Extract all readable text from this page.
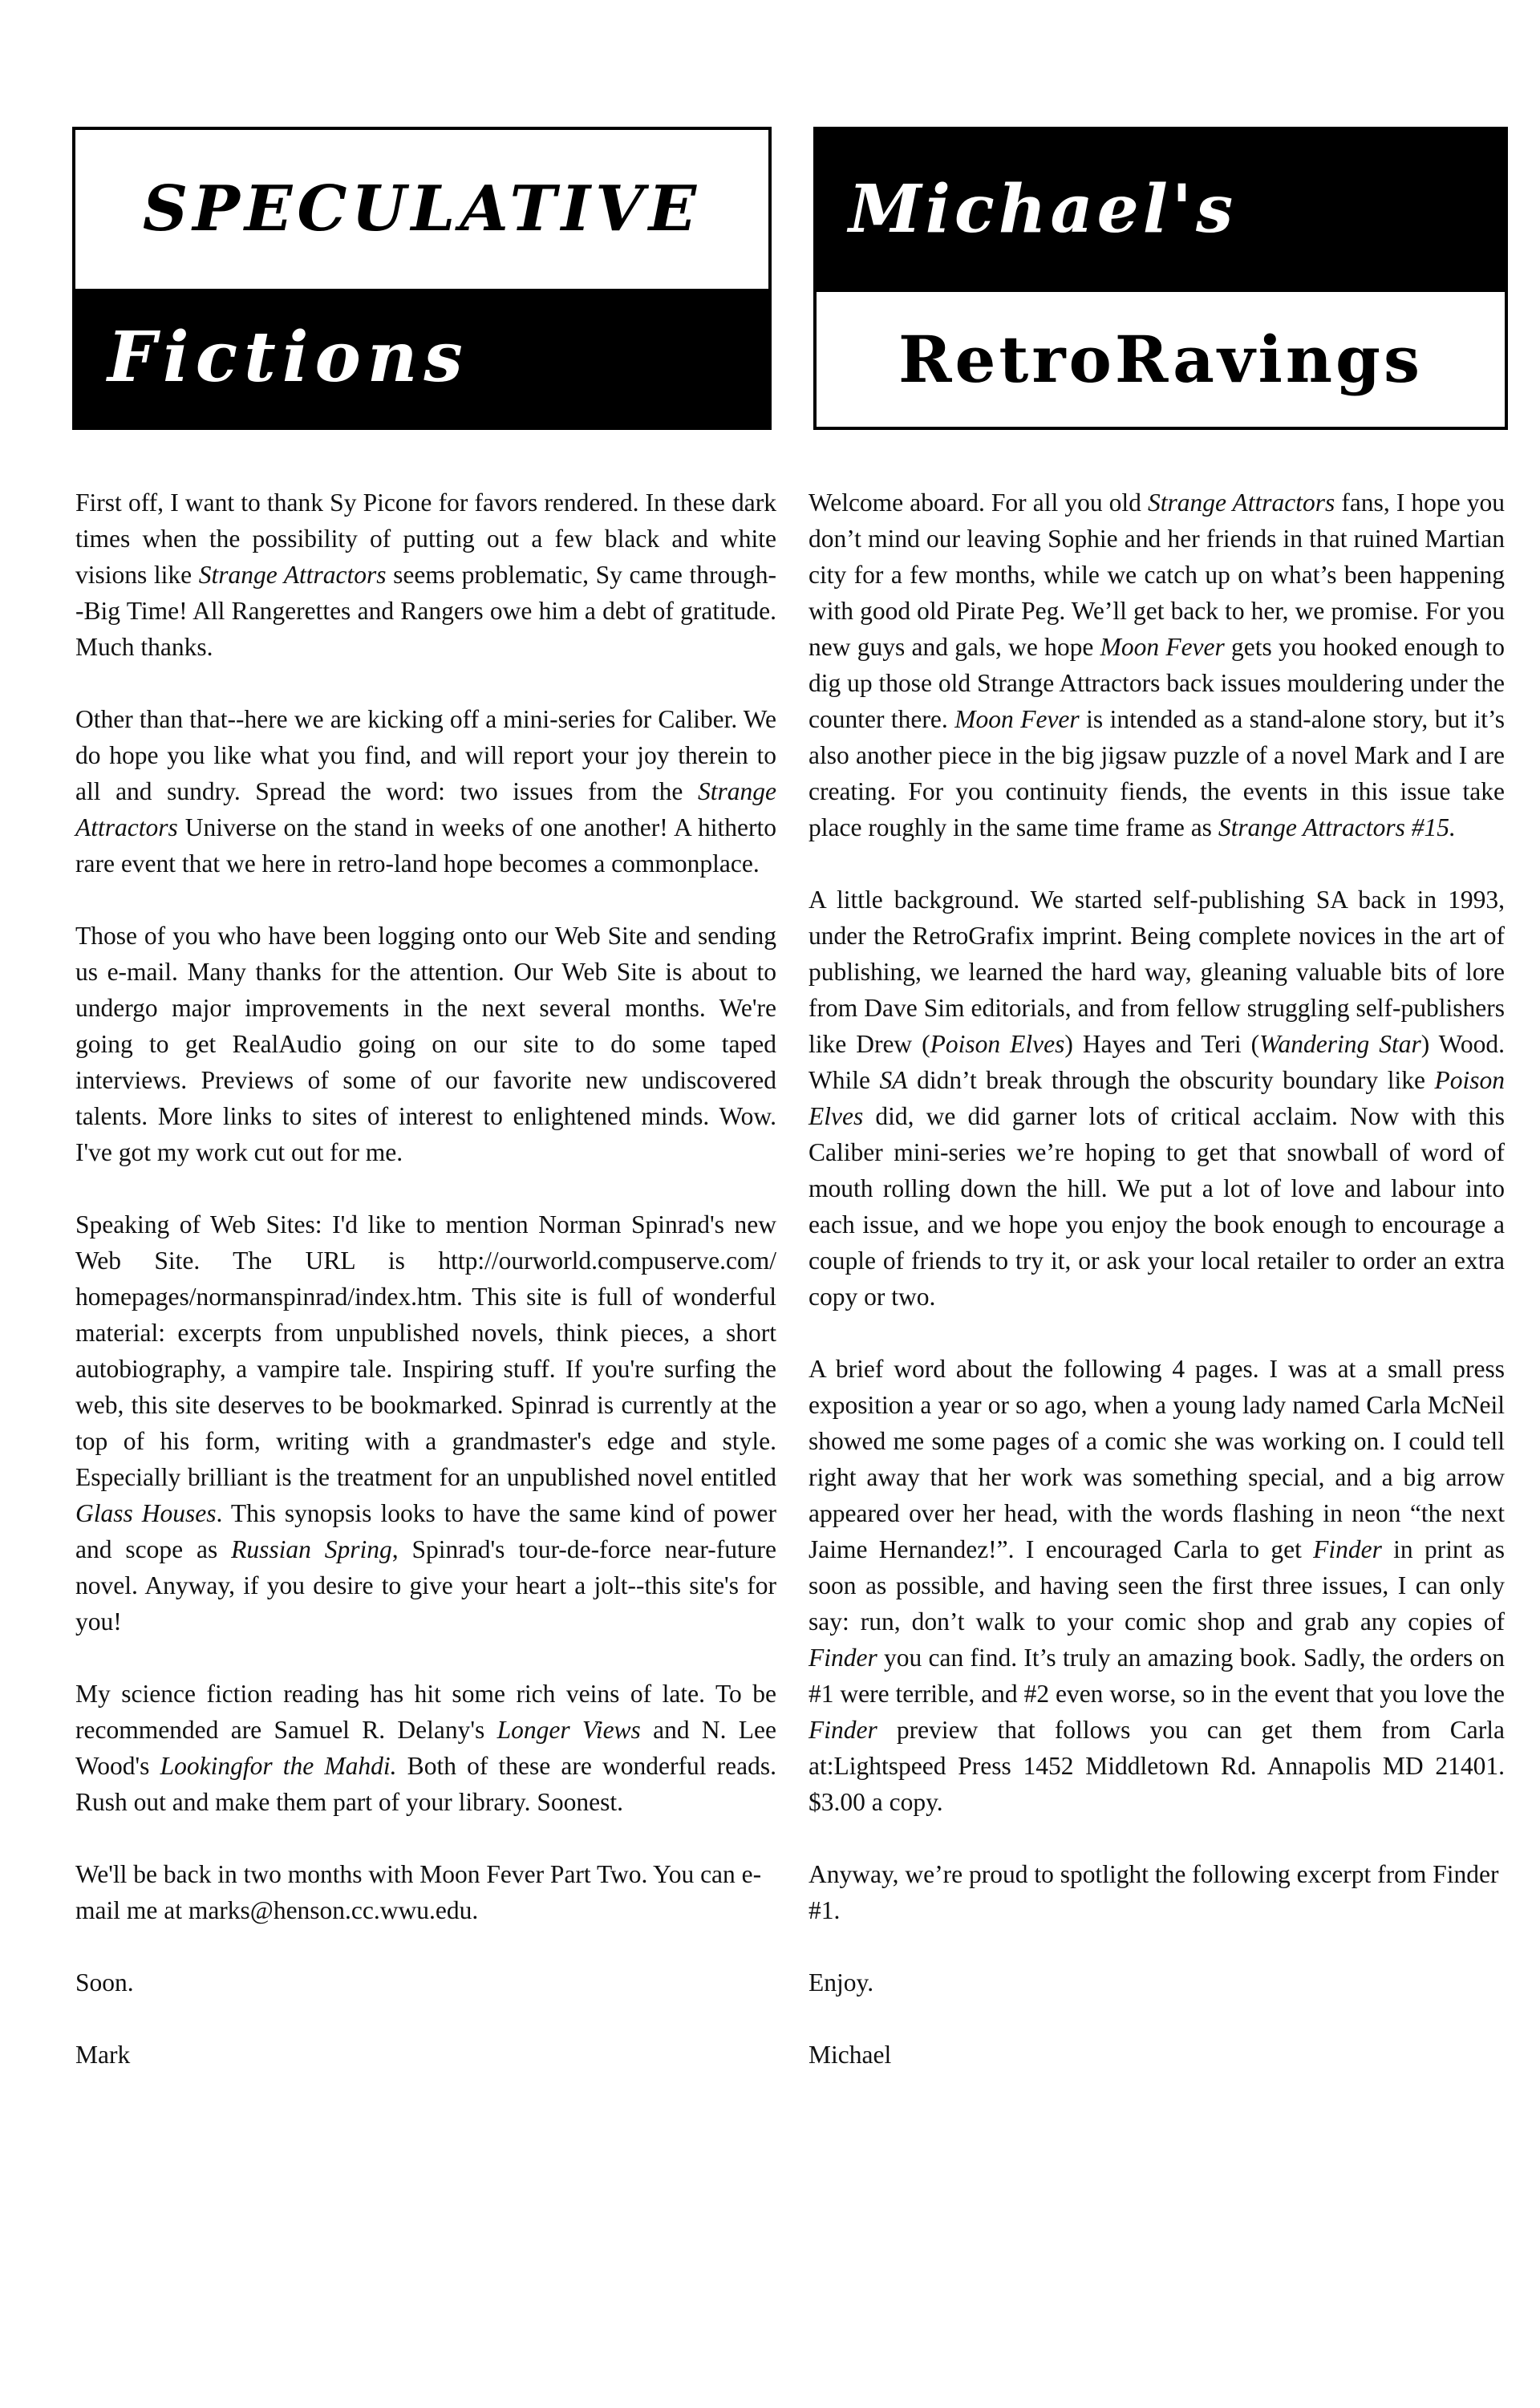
SPECULATIVE
Fictions
Michael's
RetroRavings

First off, I want to thank Sy Picone for favors rendered. In these dark times when the possibility of putting out a few black and white visions like Strange Attractors seems problematic, Sy came through--Big Time! All Rangerettes and Rangers owe him a debt of gratitude. Much thanks.

Other than that--here we are kicking off a mini-series for Caliber. We do hope you like what you find, and will report your joy therein to all and sundry. Spread the word: two issues from the Strange Attractors Universe on the stand in weeks of one another! A hitherto rare event that we here in retro-land hope becomes a commonplace.

Those of you who have been logging onto our Web Site and sending us e-mail. Many thanks for the attention. Our Web Site is about to undergo major improvements in the next several months. We're going to get RealAudio going on our site to do some taped interviews. Previews of some of our favorite new undiscovered talents. More links to sites of interest to enlightened minds. Wow. I've got my work cut out for me.

Speaking of Web Sites: I'd like to mention Norman Spinrad's new Web Site. The URL is http://ourworld.compuserve.com/ homepages/normanspinrad/index.htm. This site is full of wonderful material: excerpts from unpublished novels, think pieces, a short autobiography, a vampire tale. Inspiring stuff. If you're surfing the web, this site deserves to be bookmarked. Spinrad is currently at the top of his form, writing with a grandmaster's edge and style. Especially brilliant is the treatment for an unpublished novel entitled Glass Houses. This synopsis looks to have the same kind of power and scope as Russian Spring, Spinrad's tour-de-force near-future novel. Anyway, if you desire to give your heart a jolt--this site's for you!

My science fiction reading has hit some rich veins of late. To be recommended are Samuel R. Delany's Longer Views and N. Lee Wood's Lookingfor the Mahdi. Both of these are wonderful reads. Rush out and make them part of your library. Soonest.

We'll be back in two months with Moon Fever Part Two. You can e-mail me at marks@henson.cc.wwu.edu.

Soon.

Mark

Welcome aboard. For all you old Strange Attractors fans, I hope you don’t mind our leaving Sophie and her friends in that ruined Martian city for a few months, while we catch up on what’s been happening with good old Pirate Peg. We’ll get back to her, we promise. For you new guys and gals, we hope Moon Fever gets you hooked enough to dig up those old Strange Attractors back issues mouldering under the counter there. Moon Fever is intended as a stand-alone story, but it’s also another piece in the big jigsaw puzzle of a novel Mark and I are creating. For you continuity fiends, the events in this issue take place roughly in the same time frame as Strange Attractors #15.

A little background. We started self-publishing SA back in 1993, under the RetroGrafix imprint. Being complete novices in the art of publishing, we learned the hard way, gleaning valuable bits of lore from Dave Sim editorials, and from fellow struggling self-publishers like Drew (Poison Elves) Hayes and Teri (Wandering Star) Wood. While SA didn’t break through the obscurity boundary like Poison Elves did, we did garner lots of critical acclaim. Now with this Caliber mini-series we’re hoping to get that snowball of word of mouth rolling down the hill. We put a lot of love and labour into each issue, and we hope you enjoy the book enough to encourage a couple of friends to try it, or ask your local retailer to order an extra copy or two.

A brief word about the following 4 pages. I was at a small press exposition a year or so ago, when a young lady named Carla McNeil showed me some pages of a comic she was working on. I could tell right away that her work was something special, and a big arrow appeared over her head, with the words flashing in neon “the next Jaime Hernandez!”. I encouraged Carla to get Finder in print as soon as possible, and having seen the first three issues, I can only say: run, don’t walk to your comic shop and grab any copies of Finder you can find. It’s truly an amazing book. Sadly, the orders on #1 were terrible, and #2 even worse, so in the event that you love the Finder preview that follows you can get them from Carla at:Lightspeed Press 1452 Middletown Rd. Annapolis MD 21401. $3.00 a copy.

Anyway, we’re proud to spotlight the following excerpt from Finder #1.

Enjoy.

Michael
